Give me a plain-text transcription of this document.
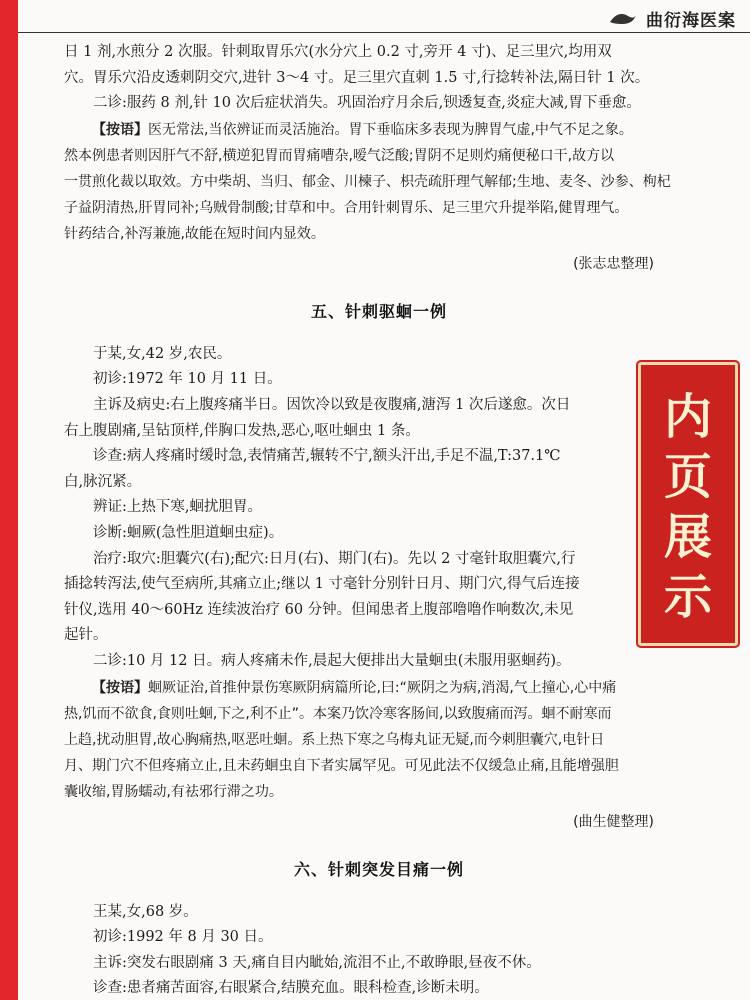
曲衍海医案

日 1 剂,水煎分 2 次服。针刺取胃乐穴(水分穴上 0.2 寸,旁开 4 寸)、足三里穴,均用双

穴。胃乐穴沿皮透刺阴交穴,进针 3～4 寸。足三里穴直刺 1.5 寸,行捻转补法,隔日针 1 次。

二诊:服药 8 剂,针 10 次后症状消失。巩固治疗月余后,钡透复查,炎症大减,胃下垂愈。

【按语】医无常法,当依辨证而灵活施治。胃下垂临床多表现为脾胃气虚,中气不足之象。

然本例患者则因肝气不舒,横逆犯胃而胃痛嘈杂,嗳气泛酸;胃阴不足则灼痛便秘口干,故方以

一贯煎化裁以取效。方中柴胡、当归、郁金、川楝子、枳壳疏肝理气解郁;生地、麦冬、沙参、枸杞

子益阴清热,肝胃同补;乌贼骨制酸;甘草和中。合用针刺胃乐、足三里穴升提举陷,健胃理气。

针药结合,补泻兼施,故能在短时间内显效。

(张志忠整理)
五、针刺驱蛔一例

于某,女,42 岁,农民。

初诊:1972 年 10 月 11 日。

主诉及病史:右上腹疼痛半日。因饮冷以致是夜腹痛,溏泻 1 次后遂愈。次日

右上腹剧痛,呈钻顶样,伴胸口发热,恶心,呕吐蛔虫 1 条。

诊查:病人疼痛时缓时急,表情痛苦,辗转不宁,额头汗出,手足不温,T:37.1℃

白,脉沉紧。

辨证:上热下寒,蛔扰胆胃。

诊断:蛔厥(急性胆道蛔虫症)。

治疗:取穴:胆囊穴(右);配穴:日月(右)、期门(右)。先以 2 寸毫针取胆囊穴,行

插捻转泻法,使气至病所,其痛立止;继以 1 寸毫针分别针日月、期门穴,得气后连接

针仪,选用 40～60Hz 连续波治疗 60 分钟。但闻患者上腹部噜噜作响数次,未见

起针。

二诊:10 月 12 日。病人疼痛未作,晨起大便排出大量蛔虫(未服用驱蛔药)。

【按语】蛔厥证治,首推仲景伤寒厥阴病篇所论,曰:“厥阴之为病,消渴,气上撞心,心中痛

热,饥而不欲食,食则吐蛔,下之,利不止”。本案乃饮冷寒客肠间,以致腹痛而泻。蛔不耐寒而

上趋,扰动胆胃,故心胸痛热,呕恶吐蛔。系上热下寒之乌梅丸证无疑,而今刺胆囊穴,电针日

月、期门穴不但疼痛立止,且未药蛔虫自下者实属罕见。可见此法不仅缓急止痛,且能增强胆

囊收缩,胃肠蠕动,有祛邪行滞之功。

(曲生健整理)
六、针刺突发目痛一例

王某,女,68 岁。

初诊:1992 年 8 月 30 日。

主诉:突发右眼剧痛 3 天,痛自目内眦始,流泪不止,不敢睁眼,昼夜不休。

诊查:患者痛苦面容,右眼紧合,结膜充血。眼科检查,诊断未明。

内
页
展
示
